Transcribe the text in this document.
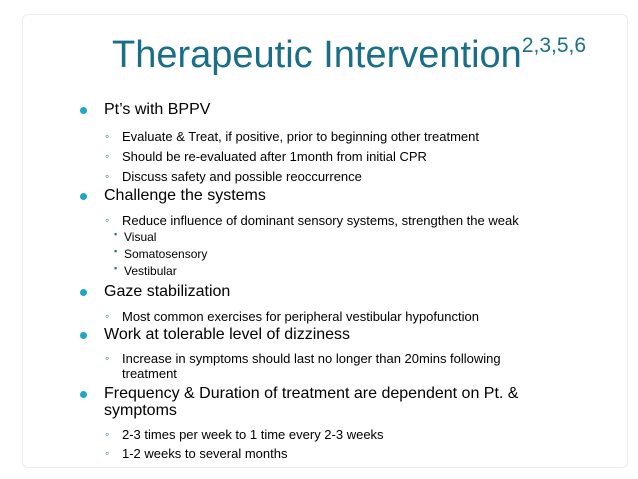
Therapeutic Intervention$^{2,3,5,6}$
Pt’s with BPPV
◦ Evaluate & Treat, if positive, prior to beginning other treatment
◦ Should be re-evaluated after 1month from initial CPR
◦ Discuss safety and possible reoccurrence
Challenge the systems
◦ Reduce influence of dominant sensory systems, strengthen the weak
▪ Visual
▪ Somatosensory
▪ Vestibular
Gaze stabilization
◦ Most common exercises for peripheral vestibular hypofunction
Work at tolerable level of dizziness
◦ Increase in symptoms should last no longer than 20mins following
treatment
Frequency & Duration of treatment are dependent on Pt. &
symptoms
◦ 2-3 times per week to 1 time every 2-3 weeks
◦ 1-2 weeks to several months
